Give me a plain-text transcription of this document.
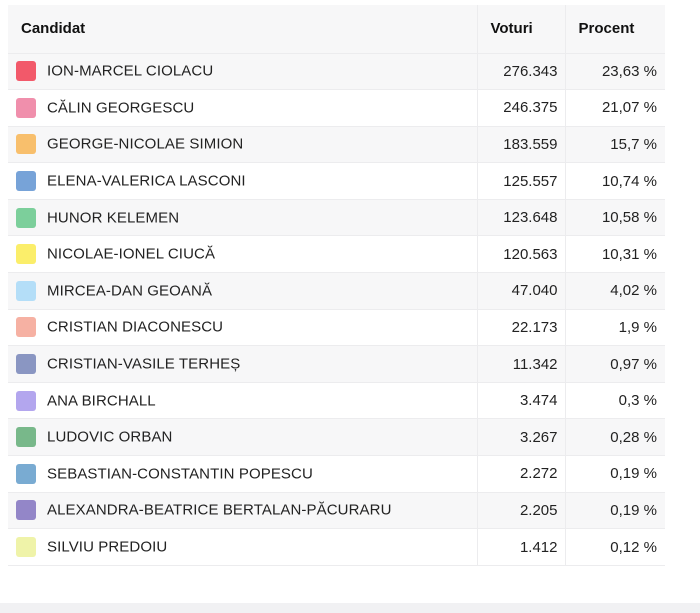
Candidat	Voturi	Procent
ION-MARCEL CIOLACU	276.343	23,63 %
CĂLIN GEORGESCU	246.375	21,07 %
GEORGE-NICOLAE SIMION	183.559	15,7 %
ELENA-VALERICA LASCONI	125.557	10,74 %
HUNOR KELEMEN	123.648	10,58 %
NICOLAE-IONEL CIUCĂ	120.563	10,31 %
MIRCEA-DAN GEOANĂ	47.040	4,02 %
CRISTIAN DIACONESCU	22.173	1,9 %
CRISTIAN-VASILE TERHEȘ	11.342	0,97 %
ANA BIRCHALL	3.474	0,3 %
LUDOVIC ORBAN	3.267	0,28 %
SEBASTIAN-CONSTANTIN POPESCU	2.272	0,19 %
ALEXANDRA-BEATRICE BERTALAN-PĂCURARU	2.205	0,19 %
SILVIU PREDOIU	1.412	0,12 %
